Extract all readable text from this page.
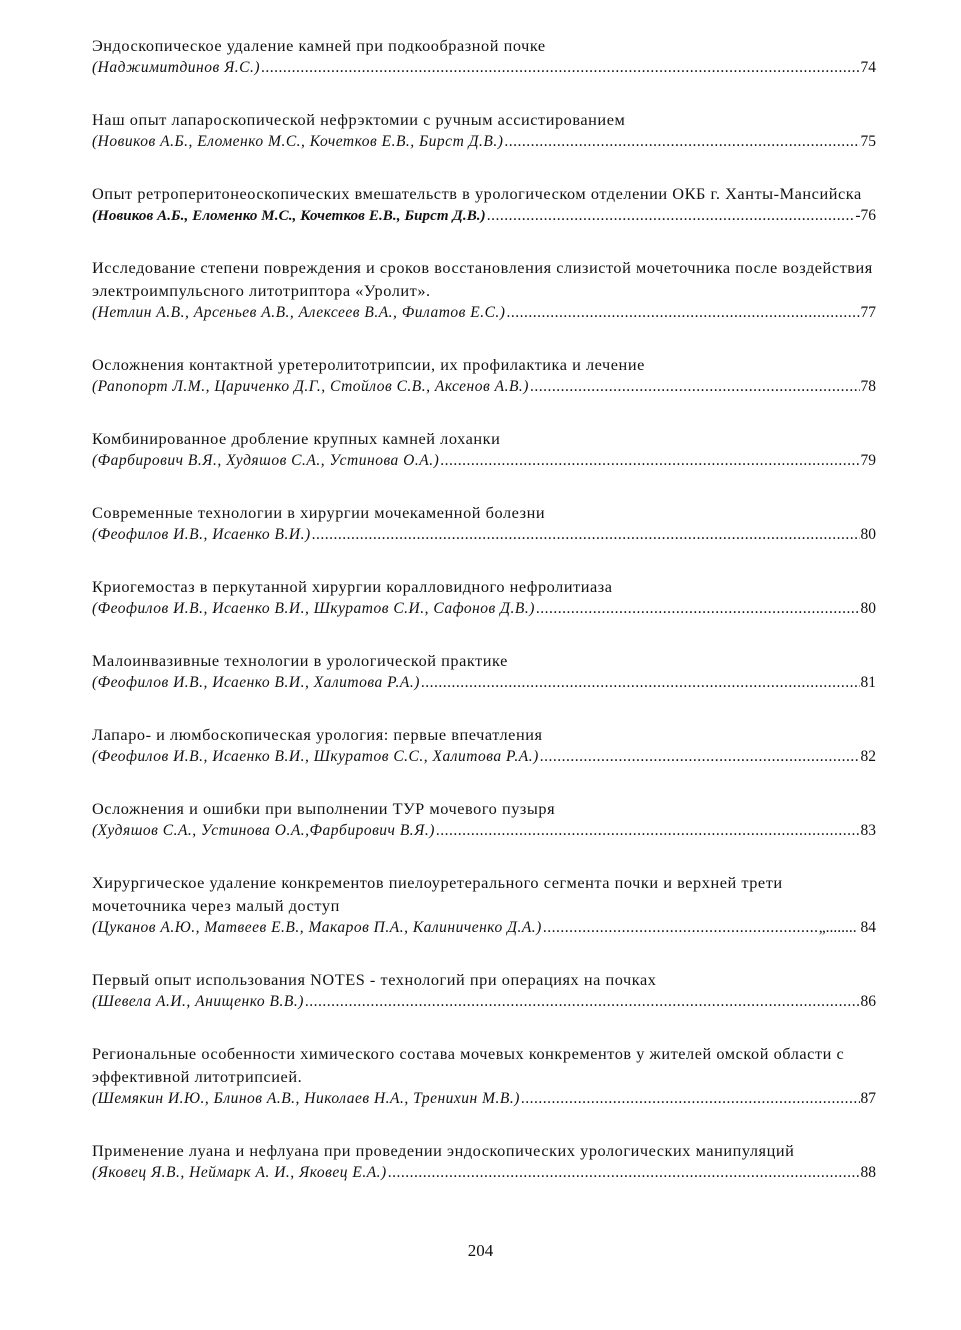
Эндоскопическое удаление камней при подкообразной почке
(Наджимитдинов Я.С.) .....	74
Наш опыт лапароскопической нефрэктомии с ручным ассистированием
(Новиков А.Б., Еломенко М.С., Кочетков Е.В., Бирст Д.В.) .....	75
Опыт ретроперитонеоскопических вмешательств в урологическом отделении ОКБ г. Ханты-Мансийска
(Новиков А.Б., Еломенко М.С., Кочетков Е.В., Бирст Д.В.) .....	-76
Исследование степени повреждения и сроков восстановления слизистой мочеточника после воздействия электроимпульсного литотриптора «Уролит».
(Нетлин А.В., Арсеньев А.В., Алексеев В.А., Филатов Е.С.) .....	77
Осложнения контактной уретеролитотрипсии, их профилактика и лечение
(Рапопорт Л.М., Цариченко Д.Г., Стойлов С.В., Аксенов А.В.) .....	78
Комбинированное дробление крупных камней лоханки
(Фарбирович В.Я., Худяшов С.А., Устинова О.А.) .....	79
Современные технологии в хирургии мочекаменной болезни
(Феофилов И.В., Исаенко В.И.) .....	80
Криогемостаз в перкутанной хирургии коралловидного нефролитиаза
(Феофилов И.В., Исаенко В.И., Шкуратов С.И., Сафонов Д.В.) .....	80
Малоинвазивные технологии в урологической практике
(Феофилов И.В., Исаенко В.И., Халитова Р.А.) .....	81
Лапаро- и люмбоскопическая урология: первые впечатления
(Феофилов И.В., Исаенко В.И., Шкуратов С.С., Халитова Р.А.) .....	82
Осложнения и ошибки при выполнении ТУР мочевого пузыря
(Худяшов С.А., Устинова О.А.,Фарбирович В.Я.) .....	83
Хирургическое удаление конкрементов пиелоуретерального сегмента почки и верхней трети мочеточника через малый доступ
(Цуканов А.Ю., Матвеев Е.В., Макаров П.А., Калиниченко Д.А.) .....	„........ 84
Первый опыт использования NOTES - технологий при операциях на почках
(Шевела А.И., Анищенко В.В.) .....	86
Региональные особенности химического состава мочевых конкрементов у жителей омской области с эффективной литотрипсией.
(Шемякин И.Ю., Блинов А.В., Николаев Н.А., Тренихин М.В.) .....	87
Применение луана и нефлуана при проведении эндоскопических урологических манипуляций
(Яковец Я.В., Неймарк А. И., Яковец Е.А.) .....	88
204
